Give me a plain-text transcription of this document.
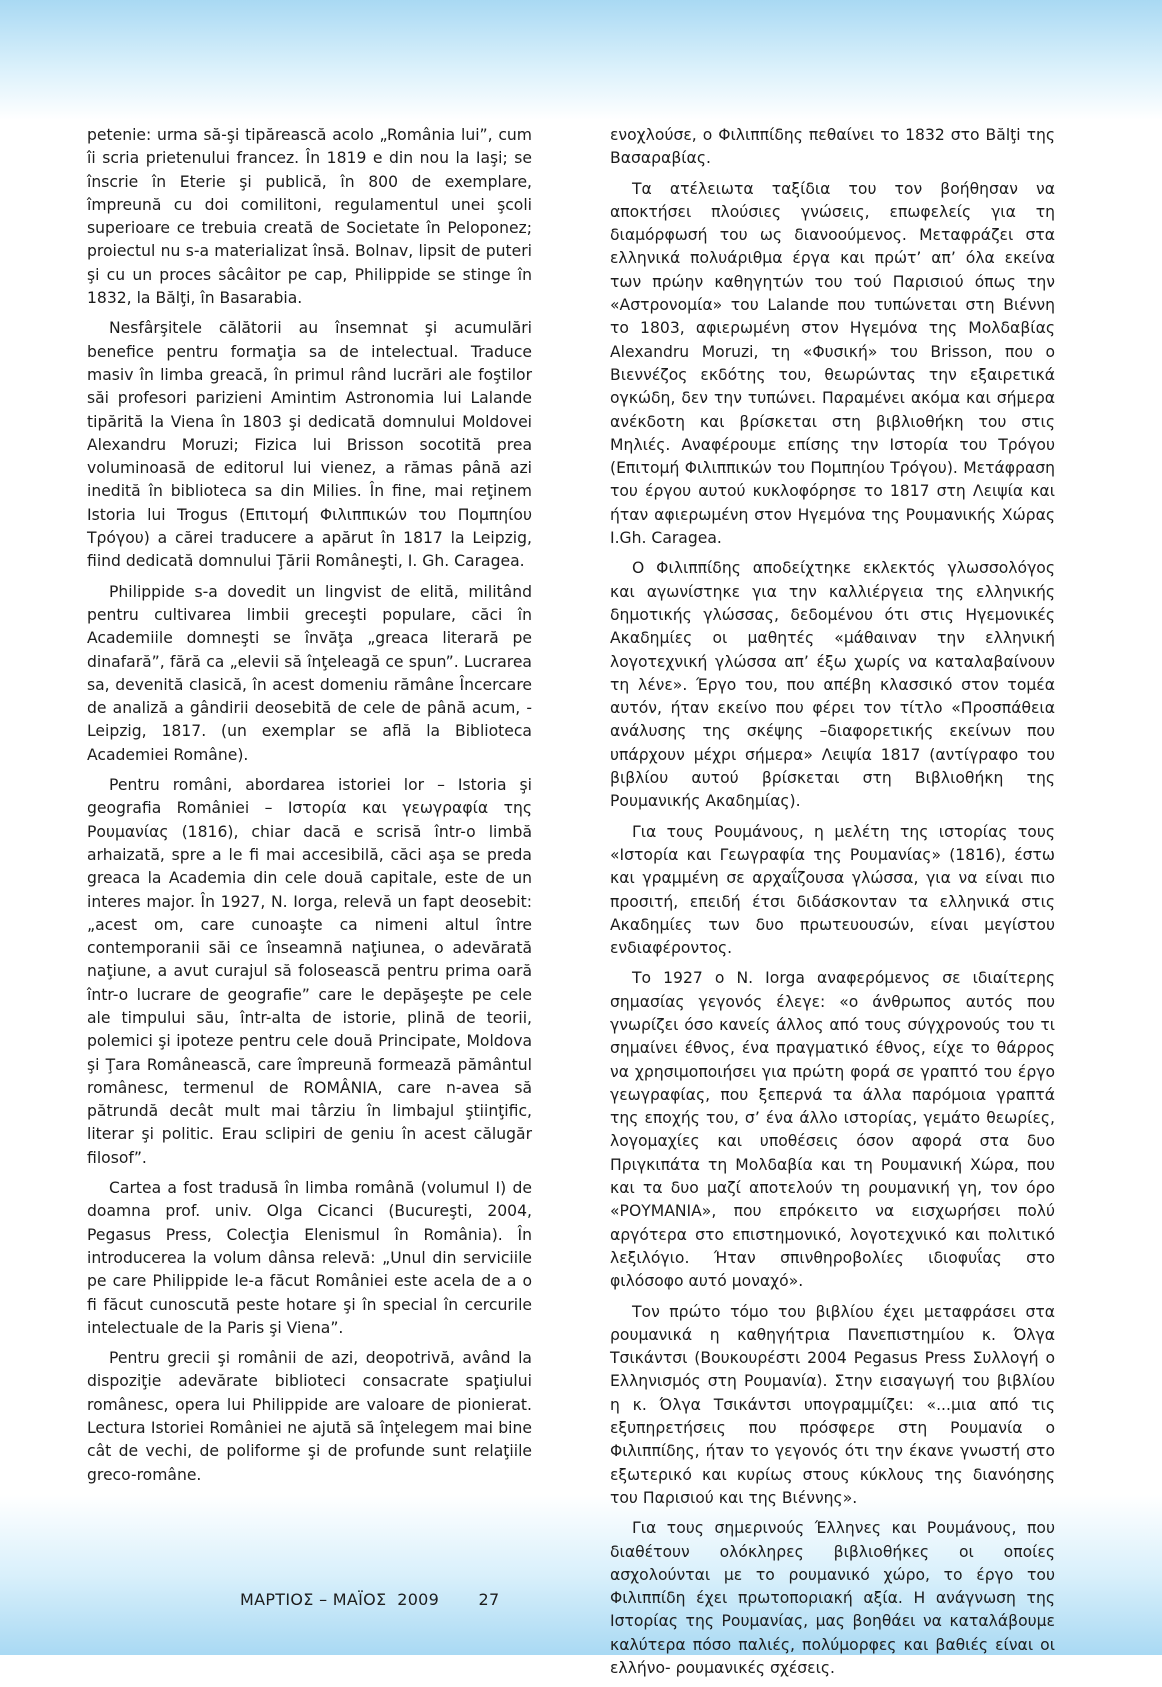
petenie: urma să-şi tipărească acolo „România lui”, cum îi scria prietenului francez. În 1819 e din nou la Iaşi; se înscrie în Eterie şi publică, în 800 de exemplare, împreună cu doi comilitoni, regulamentul unei şcoli superioare ce trebuia creată de Societate în Peloponez; proiectul nu s-a materializat însă. Bolnav, lipsit de puteri şi cu un proces sâcâitor pe cap, Philippide se stinge în 1832, la Bălţi, în Basarabia.

Nesfârşitele călătorii au însemnat şi acumulări benefice pentru formaţia sa de intelectual. Traduce masiv în limba greacă, în primul rând lucrări ale foştilor săi profesori parizieni Amintim Astronomia lui Lalande tipărită la Viena în 1803 şi dedicată domnului Moldovei Alexandru Moruzi; Fizica lui Brisson socotită prea voluminoasă de editorul lui vienez, a rămas până azi inedită în biblioteca sa din Milies. În fine, mai reţinem Istoria lui Trogus (Επιτομή Φιλιππικών του Πομπηίου Τρόγου) a cărei traducere a apărut în 1817 la Leipzig, fiind dedicată domnului Ţării Româneşti, I. Gh. Caragea.

Philippide s-a dovedit un lingvist de elită, militând pentru cultivarea limbii greceşti populare, căci în Academiile domneşti se învăţa „greaca literară pe dinafară”, fără ca „elevii să înţeleagă ce spun”. Lucrarea sa, devenită clasică, în acest domeniu rămâne Încercare de analiză a gândirii deosebită de cele de până acum, - Leipzig, 1817. (un exemplar se află la Biblioteca Academiei Române).

Pentru români, abordarea istoriei lor – Istoria şi geografia României – Ιστορία και γεωγραφία της Ρουμανίας (1816), chiar dacă e scrisă într-o limbă arhaizată, spre a le fi mai accesibilă, căci aşa se preda greaca la Academia din cele două capitale, este de un interes major. În 1927, N. Iorga, relevă un fapt deosebit: „acest om, care cunoaşte ca nimeni altul între contemporanii săi ce înseamnă naţiunea, o adevărată naţiune, a avut curajul să folosească pentru prima oară într-o lucrare de geografie” care le depăşeşte pe cele ale timpului său, într-alta de istorie, plină de teorii, polemici şi ipoteze pentru cele două Principate, Moldova şi Ţara Românească, care împreună formează pământul românesc, termenul de ROMÂNIA, care n-avea să pătrundă decât mult mai târziu în limbajul ştiinţific, literar şi politic. Erau sclipiri de geniu în acest călugăr filosof”.

Cartea a fost tradusă în limba română (volumul I) de doamna prof. univ. Olga Cicanci (Bucureşti, 2004, Pegasus Press, Colecţia Elenismul în România). În introducerea la volum dânsa relevă: „Unul din serviciile pe care Philippide le-a făcut României este acela de a o fi făcut cunoscută peste hotare şi în special în cercurile intelectuale de la Paris şi Viena”.

Pentru grecii şi românii de azi, deopotrivă, având la dispoziţie adevărate biblioteci consacrate spaţiului românesc, opera lui Philippide are valoare de pionierat. Lectura Istoriei României ne ajută să înţelegem mai bine cât de vechi, de poliforme şi de profunde sunt relaţiile greco-române.

ενοχλούσε, ο Φιλιππίδης πεθαίνει το 1832 στο Bălţi της Βασαραβίας.

Τα ατέλειωτα ταξίδια του τον βοήθησαν να αποκτήσει πλούσιες γνώσεις, επωφελείς για τη διαμόρφωσή του ως διανοούμενος. Μεταφράζει στα ελληνικά πολυάριθμα έργα και πρώτ’ απ’ όλα εκείνα των πρώην καθηγητών του τού Παρισιού όπως την «Αστρονομία» του Lalande που τυπώνεται στη Βιέννη το 1803, αφιερωμένη στον Ηγεμόνα της Μολδαβίας Alexandru Moruzi, τη «Φυσική» του Brisson, που ο Βιεννέζος εκδότης του, θεωρώντας την εξαιρετικά ογκώδη, δεν την τυπώνει. Παραμένει ακόμα και σήμερα ανέκδοτη και βρίσκεται στη βιβλιοθήκη του στις Μηλιές. Αναφέρουμε επίσης την Ιστορία του Τρόγου (Επιτομή Φιλιππικών του Πομπηίου Τρόγου). Μετάφραση του έργου αυτού κυκλοφόρησε το 1817 στη Λειψία και ήταν αφιερωμένη στον Ηγεμόνα της Ρουμανικής Χώρας I.Gh. Caragea.

Ο Φιλιππίδης αποδείχτηκε εκλεκτός γλωσσολόγος και αγωνίστηκε για την καλλιέργεια της ελληνικής δημοτικής γλώσσας, δεδομένου ότι στις Ηγεμονικές Ακαδημίες οι μαθητές «μάθαιναν την ελληνική λογοτεχνική γλώσσα απ’ έξω χωρίς να καταλαβαίνουν τη λένε». Έργο του, που απέβη κλασσικό στον τομέα αυτόν, ήταν εκείνο που φέρει τον τίτλο «Προσπάθεια ανάλυσης της σκέψης –διαφορετικής εκείνων που υπάρχουν μέχρι σήμερα» Λειψία 1817 (αντίγραφο του βιβλίου αυτού βρίσκεται στη Βιβλιοθήκη της Ρουμανικής Ακαδημίας).

Για τους Ρουμάνους, η μελέτη της ιστορίας τους «Ιστορία και Γεωγραφία της Ρουμανίας» (1816), έστω και γραμμένη σε αρχαΐζουσα γλώσσα, για να είναι πιο προσιτή, επειδή έτσι διδάσκονταν τα ελληνικά στις Ακαδημίες των δυο πρωτευουσών, είναι μεγίστου ενδιαφέροντος.

Το 1927 ο N. Iorga αναφερόμενος σε ιδιαίτερης σημασίας γεγονός έλεγε: «ο άνθρωπος αυτός που γνωρίζει όσο κανείς άλλος από τους σύγχρονούς του τι σημαίνει έθνος, ένα πραγματικό έθνος, είχε το θάρρος να χρησιμοποιήσει για πρώτη φορά σε γραπτό του έργο γεωγραφίας, που ξεπερνά τα άλλα παρόμοια γραπτά της εποχής του, σ’ ένα άλλο ιστορίας, γεμάτο θεωρίες, λογομαχίες και υποθέσεις όσον αφορά στα δυο Πριγκιπάτα τη Μολδαβία και τη Ρουμανική Χώρα, που και τα δυο μαζί αποτελούν τη ρουμανική γη, τον όρο «ΡΟΥΜΑΝΙΑ», που επρόκειτο να εισχωρήσει πολύ αργότερα στο επιστημονικό, λογοτεχνικό και πολιτικό λεξιλόγιο. Ήταν σπινθηροβολίες ιδιοφυΐας στο φιλόσοφο αυτό μοναχό».

Τον πρώτο τόμο του βιβλίου έχει μεταφράσει στα ρουμανικά η καθηγήτρια Πανεπιστημίου κ. Όλγα Τσικάντσι (Βουκουρέστι 2004 Pegasus Press Συλλογή ο Ελληνισμός στη Ρουμανία). Στην εισαγωγή του βιβλίου η κ. Όλγα Τσικάντσι υπογραμμίζει: «...μια από τις εξυπηρετήσεις που πρόσφερε στη Ρουμανία ο Φιλιππίδης, ήταν το γεγονός ότι την έκανε γνωστή στο εξωτερικό και κυρίως στους κύκλους της διανόησης του Παρισιού και της Βιέννης».

Για τους σημερινούς Έλληνες και Ρουμάνους, που διαθέτουν ολόκληρες βιβλιοθήκες οι οποίες ασχολούνται με το ρουμανικό χώρο, το έργο του Φιλιππίδη έχει πρωτοποριακή αξία. Η ανάγνωση της Ιστορίας της Ρουμανίας, μας βοηθάει να καταλάβουμε καλύτερα πόσο παλιές, πολύμορφες και βαθιές είναι οι ελλήνο- ρουμανικές σχέσεις.

ΜΑΡΤΙΟΣ – ΜΑΪΟΣ  2009 27
